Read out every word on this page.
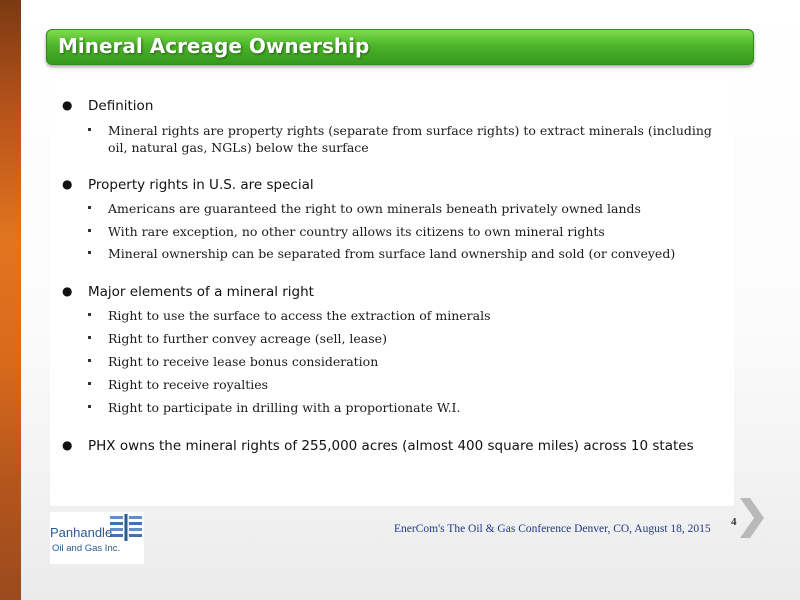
Mineral Acreage Ownership
● Definition
Mineral rights are property rights (separate from surface rights) to extract minerals (including oil, natural gas, NGLs) below the surface
● Property rights in U.S. are special
Americans are guaranteed the right to own minerals beneath privately owned lands
With rare exception, no other country allows its citizens to own mineral rights
Mineral ownership can be separated from surface land ownership and sold (or conveyed)
● Major elements of a mineral right
Right to use the surface to access the extraction of minerals
Right to further convey acreage (sell, lease)
Right to receive lease bonus consideration
Right to receive royalties
Right to participate in drilling with a proportionate W.I.
● PHX owns the mineral rights of 255,000 acres (almost 400 square miles) across 10 states
Panhandle
Oil and Gas Inc.
EnerCom's The Oil & Gas Conference Denver, CO, August 18, 2015
4
